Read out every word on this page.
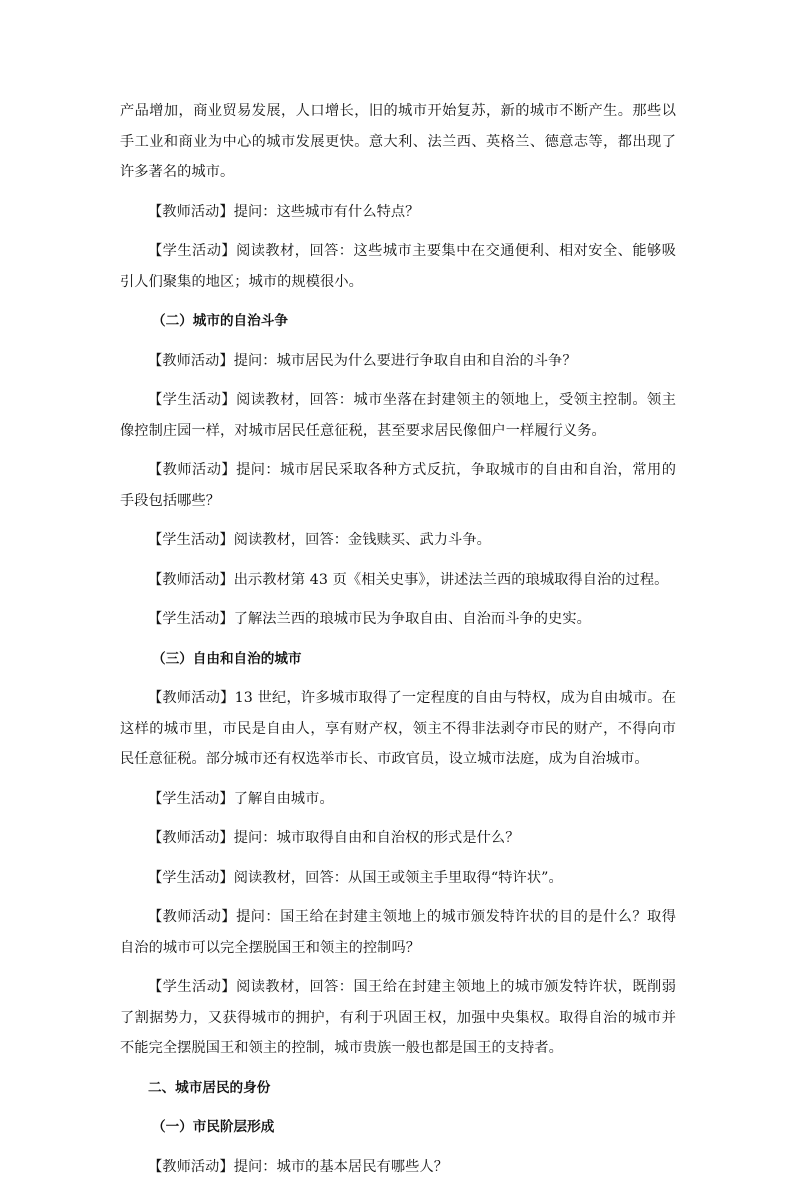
产品增加，商业贸易发展，人口增长，旧的城市开始复苏，新的城市不断产生。那些以手工业和商业为中心的城市发展更快。意大利、法兰西、英格兰、德意志等，都出现了许多著名的城市。

【教师活动】提问：这些城市有什么特点？

【学生活动】阅读教材，回答：这些城市主要集中在交通便利、相对安全、能够吸引人们聚集的地区；城市的规模很小。

（二）城市的自治斗争

【教师活动】提问：城市居民为什么要进行争取自由和自治的斗争？

【学生活动】阅读教材，回答：城市坐落在封建领主的领地上，受领主控制。领主像控制庄园一样，对城市居民任意征税，甚至要求居民像佃户一样履行义务。

【教师活动】提问：城市居民采取各种方式反抗，争取城市的自由和自治，常用的手段包括哪些？

【学生活动】阅读教材，回答：金钱赎买、武力斗争。

【教师活动】出示教材第 43 页《相关史事》，讲述法兰西的琅城取得自治的过程。

【学生活动】了解法兰西的琅城市民为争取自由、自治而斗争的史实。

（三）自由和自治的城市

【教师活动】13 世纪，许多城市取得了一定程度的自由与特权，成为自由城市。在这样的城市里，市民是自由人，享有财产权，领主不得非法剥夺市民的财产，不得向市民任意征税。部分城市还有权选举市长、市政官员，设立城市法庭，成为自治城市。

【学生活动】了解自由城市。

【教师活动】提问：城市取得自由和自治权的形式是什么？

【学生活动】阅读教材，回答：从国王或领主手里取得“特许状”。

【教师活动】提问：国王给在封建主领地上的城市颁发特许状的目的是什么？取得自治的城市可以完全摆脱国王和领主的控制吗？

【学生活动】阅读教材，回答：国王给在封建主领地上的城市颁发特许状，既削弱了割据势力，又获得城市的拥护，有利于巩固王权，加强中央集权。取得自治的城市并不能完全摆脱国王和领主的控制，城市贵族一般也都是国王的支持者。

二、城市居民的身份

（一）市民阶层形成

【教师活动】提问：城市的基本居民有哪些人？
